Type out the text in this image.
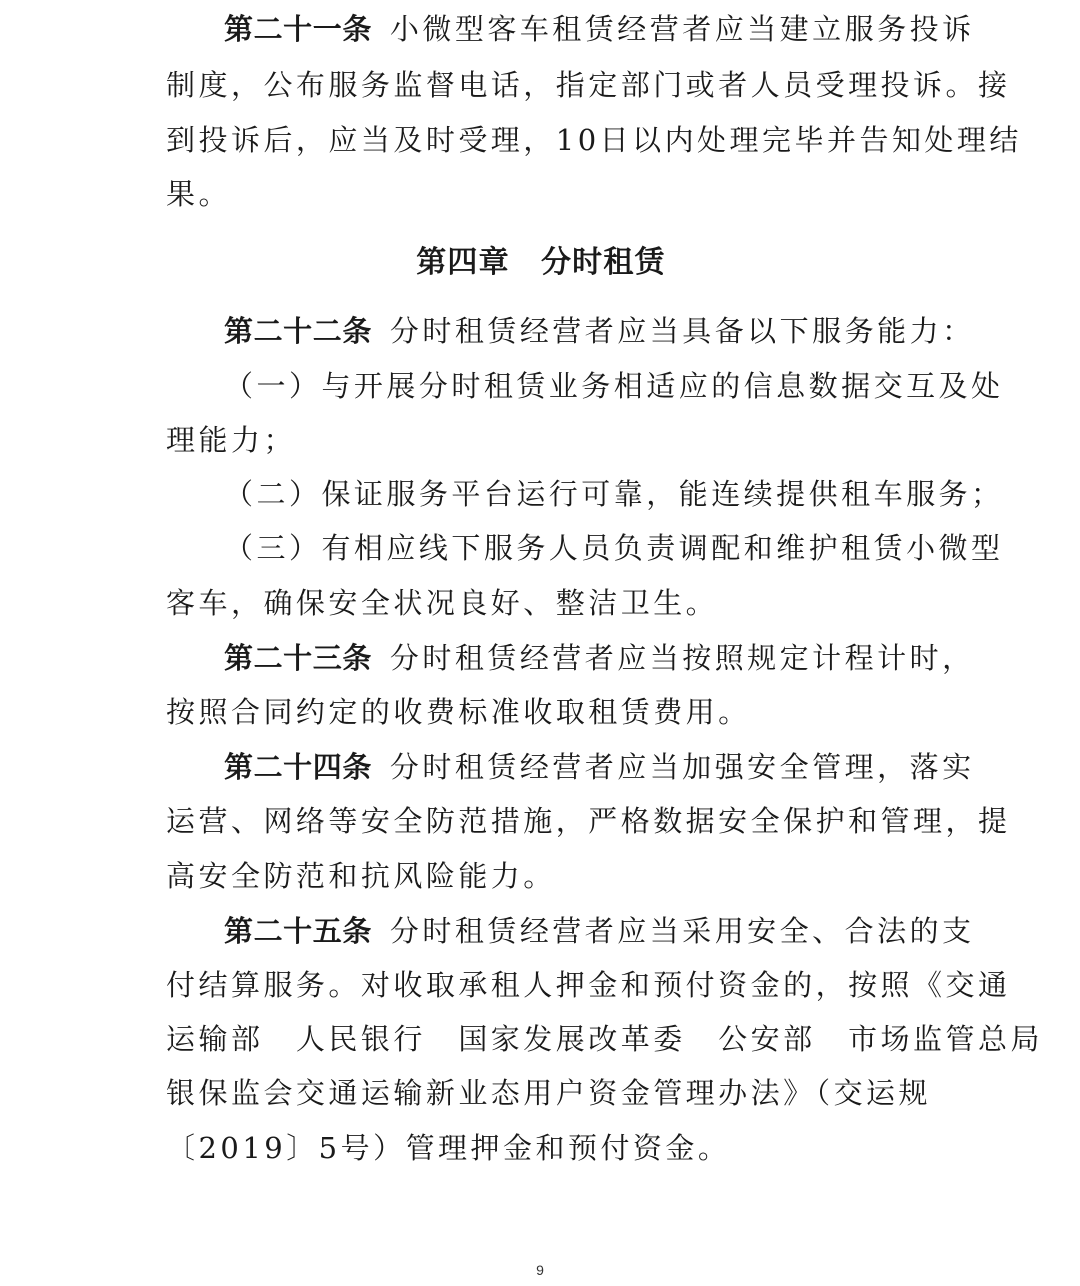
第二十一条 小微型客车租赁经营者应当建立服务投诉
制度，公布服务监督电话，指定部门或者人员受理投诉。接
到投诉后，应当及时受理，10日以内处理完毕并告知处理结
果。
第四章　分时租赁
第二十二条 分时租赁经营者应当具备以下服务能力：
（一）与开展分时租赁业务相适应的信息数据交互及处
理能力；
（二）保证服务平台运行可靠，能连续提供租车服务；
（三）有相应线下服务人员负责调配和维护租赁小微型
客车，确保安全状况良好、整洁卫生。
第二十三条 分时租赁经营者应当按照规定计程计时，
按照合同约定的收费标准收取租赁费用。
第二十四条 分时租赁经营者应当加强安全管理，落实
运营、网络等安全防范措施，严格数据安全保护和管理，提
高安全防范和抗风险能力。
第二十五条 分时租赁经营者应当采用安全、合法的支
付结算服务。对收取承租人押金和预付资金的，按照《交通
运输部　人民银行　国家发展改革委　公安部　市场监管总局
银保监会交通运输新业态用户资金管理办法》（交运规
〔2019〕5号）管理押金和预付资金。
9
